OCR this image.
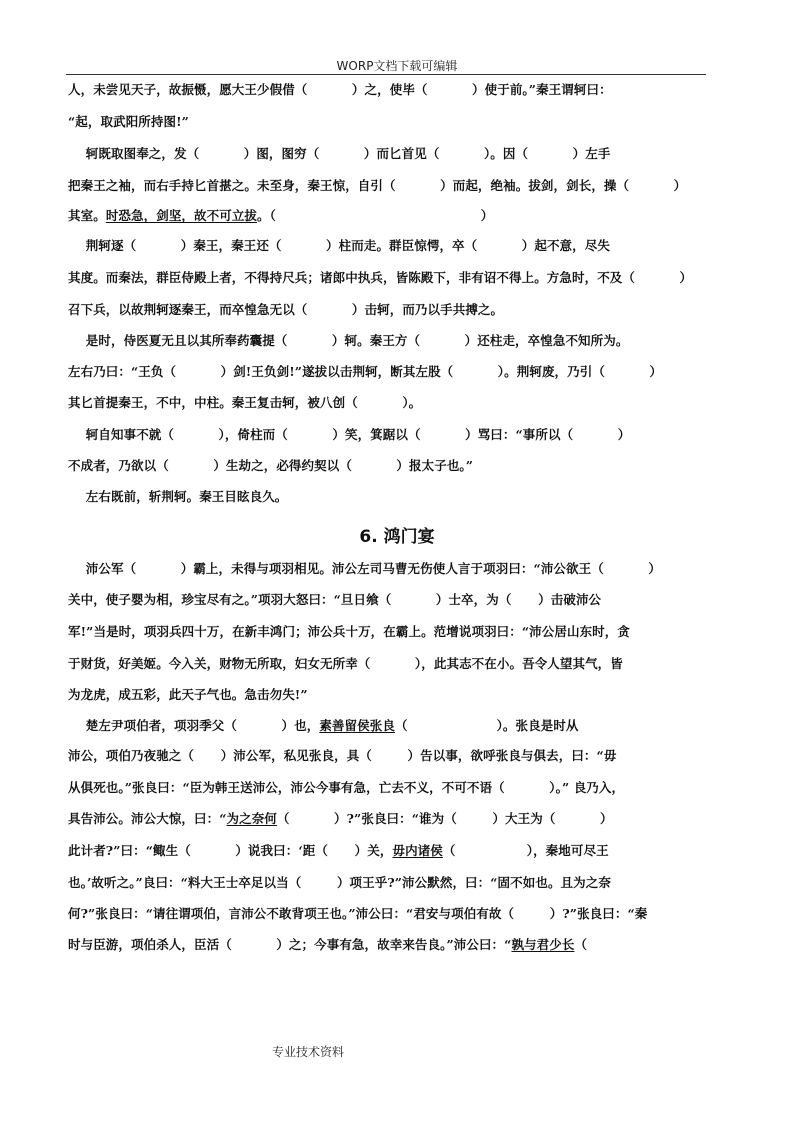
WORP文档下载可编辑
人，未尝见天子，故振慑，愿大王少假借（          ）之，使毕（          ）使于前。”秦王谓轲曰：
“起，取武阳所持图!”
轲既取图奉之，发（          ）图，图穷（          ）而匕首见（          ）。因（          ）左手
把秦王之袖，而右手持匕首揕之。未至身，秦王惊，自引（          ）而起，绝袖。拔剑，剑长，操（          ）
其室。时恐急，剑坚，故不可立拔。（                                              ）
荆轲逐（          ）秦王，秦王还（          ）柱而走。群臣惊愕，卒（          ）起不意，尽失
其度。而秦法，群臣侍殿上者，不得持尺兵；诸郎中执兵，皆陈殿下，非有诏不得上。方急时，不及（          ）
召下兵，以故荆轲逐秦王，而卒惶急无以（          ）击轲，而乃以手共搏之。
是时，侍医夏无且以其所奉药囊提（          ）轲。秦王方（          ）还柱走，卒惶急不知所为。
左右乃曰：“王负（          ）剑!王负剑!”遂拔以击荆轲，断其左股（          ）。荆轲废，乃引（          ）
其匕首提秦王，不中，中柱。秦王复击轲，被八创（          ）。
轲自知事不就（          ），倚柱而（          ）笑，箕踞以（          ）骂曰：“事所以（          ）
不成者，乃欲以（          ）生劫之，必得约契以（          ）报太子也。”
左右既前，斩荆轲。秦王目眩良久。
6. 鸿门宴
沛公军（          ）霸上，未得与项羽相见。沛公左司马曹无伤使人言于项羽曰：“沛公欲王（          ）
关中，使子婴为相，珍宝尽有之。”项羽大怒曰：“旦日飨（          ）士卒，为（      ）击破沛公
军!”当是时，项羽兵四十万，在新丰鸿门；沛公兵十万，在霸上。范增说项羽曰：“沛公居山东时，贪
于财货，好美姬。今入关，财物无所取，妇女无所幸（          ），此其志不在小。吾令人望其气，皆
为龙虎，成五彩，此天子气也。急击勿失!”
楚左尹项伯者，项羽季父（          ）也，素善留侯张良（                    ）。张良是时从
沛公，项伯乃夜驰之（      ）沛公军，私见张良，具（        ）告以事，欲呼张良与俱去，曰：“毋
从俱死也。”张良曰：“臣为韩王送沛公，沛公今事有急，亡去不义，不可不语（          ）。” 良乃入，
具告沛公。沛公大惊，曰：“为之奈何（          ）?”张良曰：“谁为（        ）大王为（          ）
此计者?”曰：“鲰生（          ）说我曰：‘距（      ）关，毋内诸侯（                ），秦地可尽王
也。’故听之。”良曰：“料大王士卒足以当（        ）项王乎?”沛公默然，曰：“固不如也。且为之奈
何?”张良曰：“请往谓项伯，言沛公不敢背项王也。”沛公曰：“君安与项伯有故（        ）?”张良曰：“秦
时与臣游，项伯杀人，臣活（          ）之；今事有急，故幸来告良。”沛公曰：“孰与君少长（
专业技术资料
